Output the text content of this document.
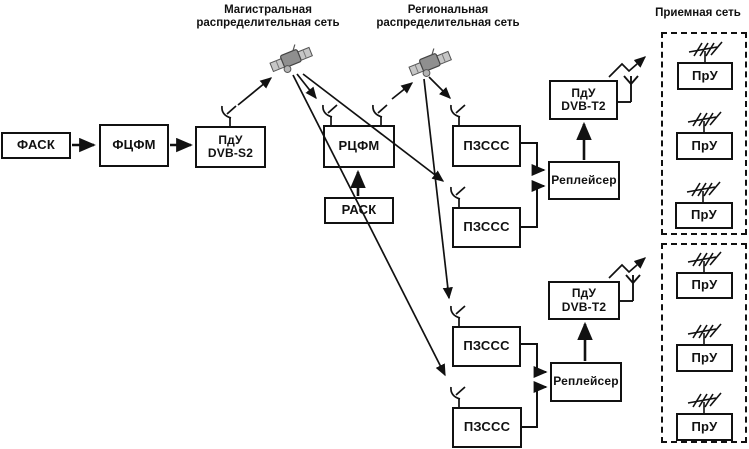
Магистральная
распределительная сеть
Региональная
распределительная сеть
Приемная сеть
ФАСК	ФЦФМ	ПдУ
DVB-S2	РЦФМ
РАСК
ПЗССС
ПЗССС
Реплейсер
ПдУ
DVB-T2
ПЗССС
ПЗССС
Реплейсер
ПдУ
DVB-T2
ПрУ
ПрУ
ПрУ
ПрУ
ПрУ
ПрУ
